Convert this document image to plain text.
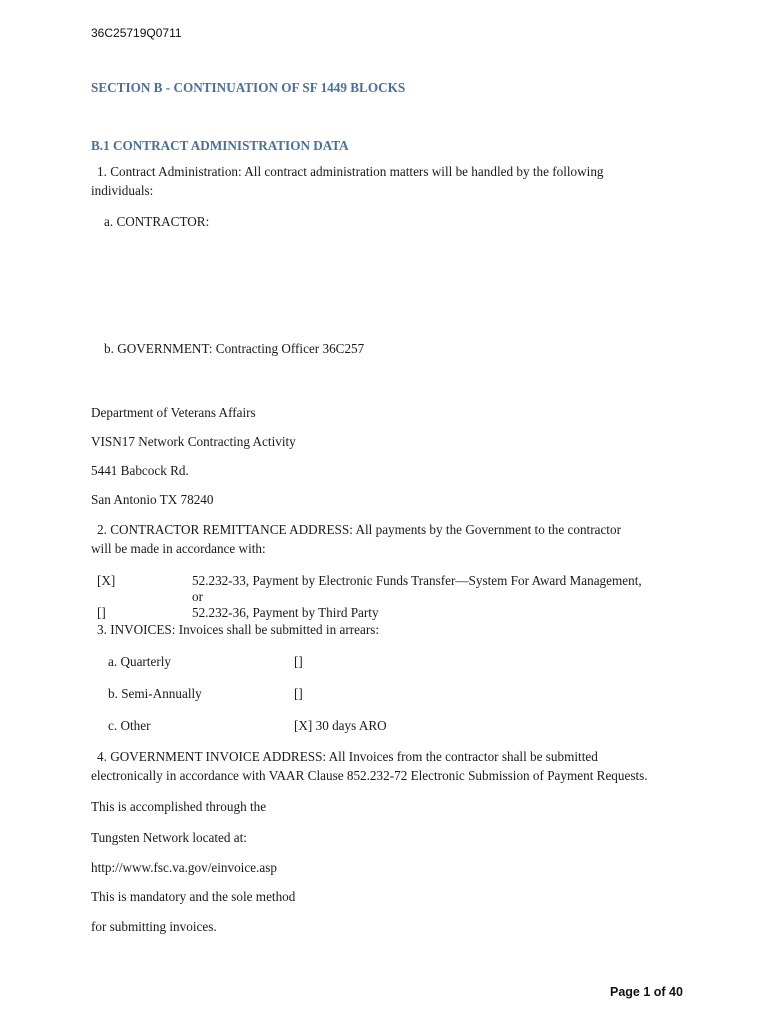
36C25719Q0711
SECTION B - CONTINUATION OF SF 1449 BLOCKS
B.1 CONTRACT ADMINISTRATION DATA
1. Contract Administration: All contract administration matters will be handled by the following
individuals:
a. CONTRACTOR:
b. GOVERNMENT: Contracting Officer 36C257
Department of Veterans Affairs
VISN17 Network Contracting Activity
5441 Babcock Rd.
San Antonio TX 78240
2. CONTRACTOR REMITTANCE ADDRESS: All payments by the Government to the contractor
will be made in accordance with:
[X]	52.232-33, Payment by Electronic Funds Transfer—System For Award Management,
or
[]	52.232-36, Payment by Third Party
3. INVOICES: Invoices shall be submitted in arrears:
a. Quarterly	[]
b. Semi-Annually	[]
c. Other	[X] 30 days ARO
4. GOVERNMENT INVOICE ADDRESS: All Invoices from the contractor shall be submitted
electronically in accordance with VAAR Clause 852.232-72 Electronic Submission of Payment Requests.
This is accomplished through the
Tungsten Network located at:
http://www.fsc.va.gov/einvoice.asp
This is mandatory and the sole method
for submitting invoices.
Page 1 of 40
